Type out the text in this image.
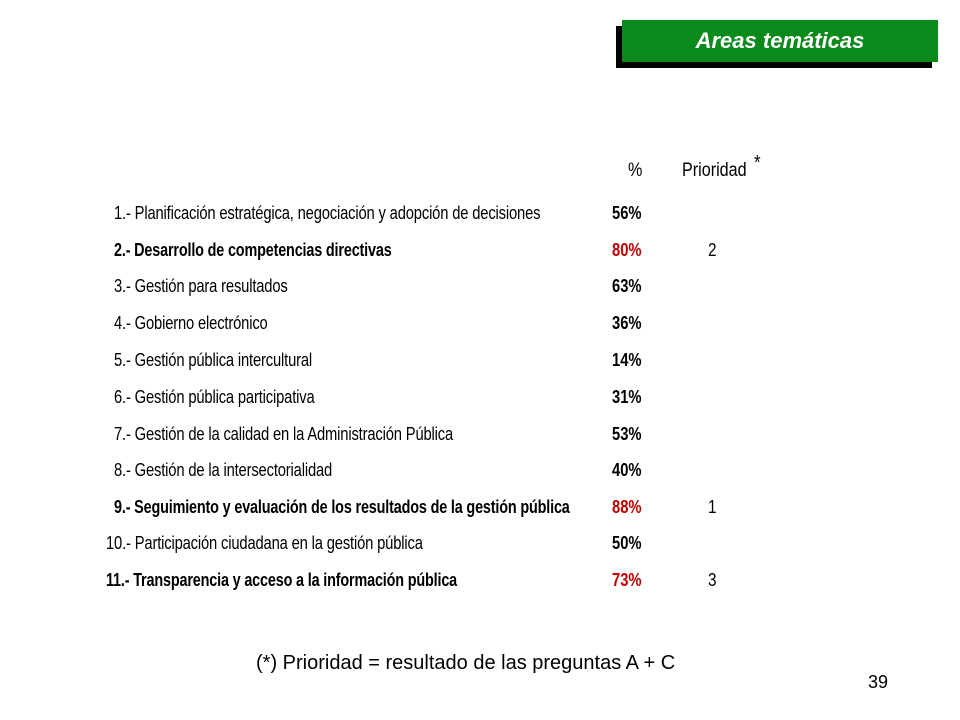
Areas temáticas
% Prioridad *
1.- Planificación estratégica, negociación y adopción de decisiones	56%
2.- Desarrollo de competencias directivas	80%	2
3.- Gestión para resultados	63%
4.- Gobierno electrónico	36%
5.- Gestión pública intercultural	14%
6.- Gestión pública participativa	31%
7.- Gestión de la calidad en la Administración Pública	53%
8.- Gestión de la intersectorialidad	40%
9.- Seguimiento y evaluación de los resultados de la gestión pública 88%	1
10.- Participación ciudadana en la gestión pública	50%
11.- Transparencia y acceso a la información pública	73%	3
(*) Prioridad = resultado de las preguntas A + C
39
